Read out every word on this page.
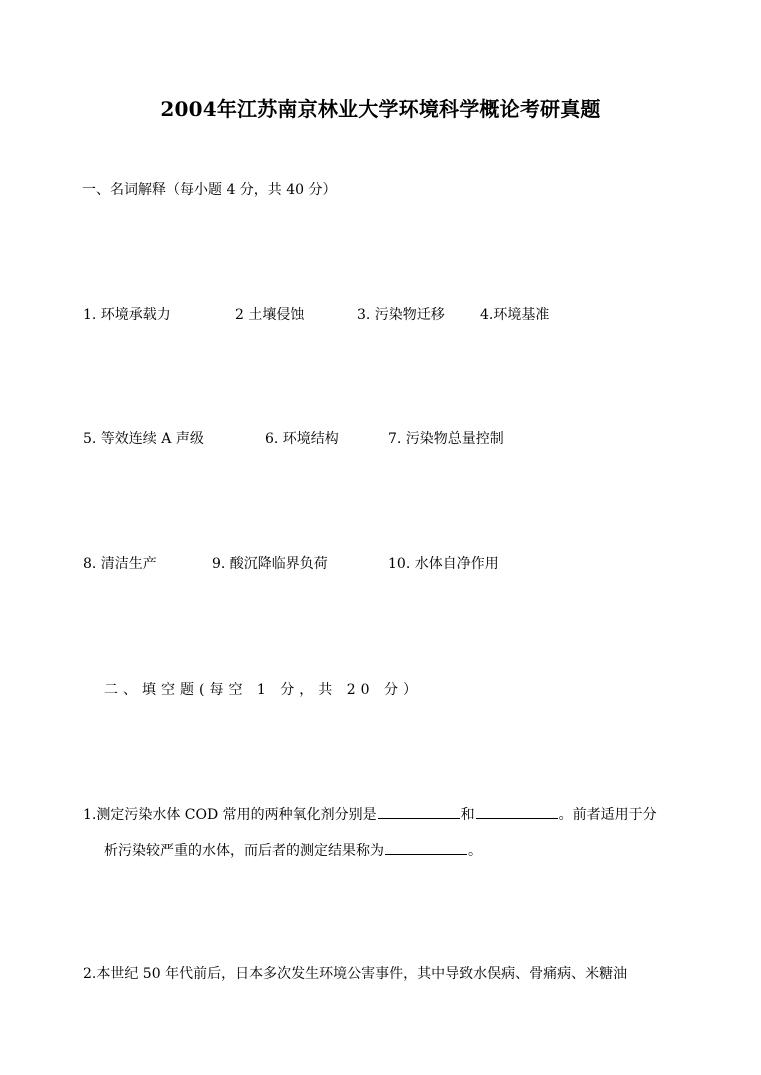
2004年江苏南京林业大学环境科学概论考研真题
一、名词解释（每小题 4 分，共 40 分）
1. 环境承载力	2 土壤侵蚀	3. 污染物迁移	4.环境基准
5. 等效连续 A 声级	6. 环境结构	7. 污染物总量控制
8. 清洁生产	9. 酸沉降临界负荷	10. 水体自净作用
二、填空题(每空 1 分，共 20 分）
1.测定污染水体 COD 常用的两种氧化剂分别是	和	。前者适用于分
析污染较严重的水体，而后者的测定结果称为	。
2.本世纪 50 年代前后，日本多次发生环境公害事件，其中导致水俣病、骨痛病、米糖油
